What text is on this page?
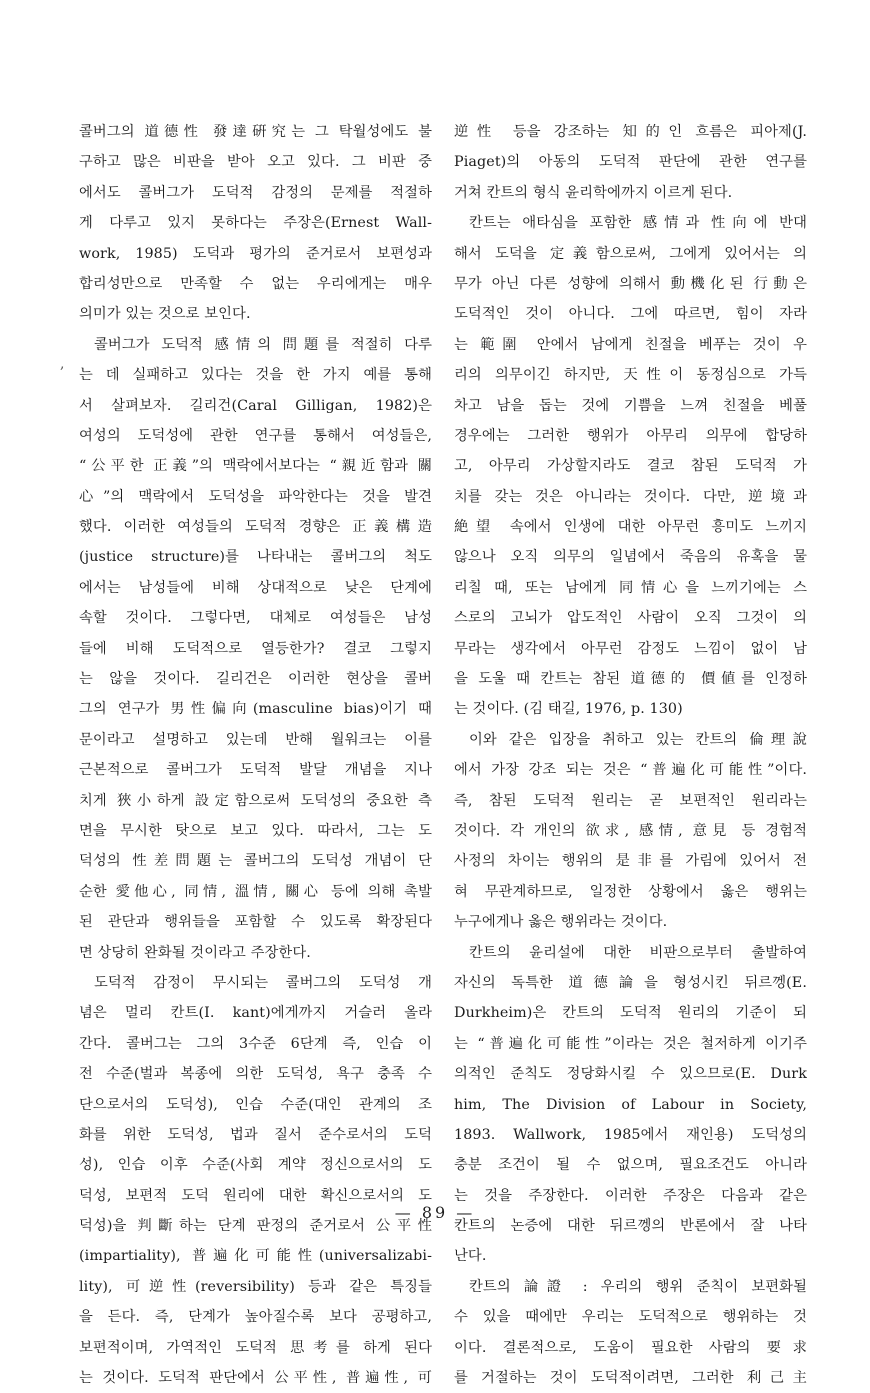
,
콜버그의 道德性 發達硏究는 그 탁월성에도 불
구하고 많은 비판을 받아 오고 있다. 그 비판 중
에서도 콜버그가 도덕적 감정의 문제를 적절하
게 다루고 있지 못하다는 주장은(Ernest Wall-
work, 1985) 도덕과 평가의 준거로서 보편성과
합리성만으로 만족할 수 없는 우리에게는 매우
의미가 있는 것으로 보인다.
콜버그가 도덕적 感情의 問題를 적절히 다루
는 데 실패하고 있다는 것을 한 가지 예를 통해
서 살펴보자. 길리건(Caral Gilligan, 1982)은
여성의 도덕성에 관한 연구를 통해서 여성들은,
“公平한 正義”의 맥락에서보다는 “親近함과 關
心”의 맥락에서 도덕성을 파악한다는 것을 발견
했다. 이러한 여성들의 도덕적 경향은 正義構造
(justice structure)를 나타내는 콜버그의 척도
에서는 남성들에 비해 상대적으로 낮은 단계에
속할 것이다. 그렇다면, 대체로 여성들은 남성
들에 비해 도덕적으로 열등한가? 결코 그렇지
는 않을 것이다. 길리건은 이러한 현상을 콜버
그의 연구가 男性偏向(masculine bias)이기 때
문이라고 설명하고 있는데 반해 월워크는 이를
근본적으로 콜버그가 도덕적 발달 개념을 지나
치게 狹小하게 設定함으로써 도덕성의 중요한 측
면을 무시한 탓으로 보고 있다. 따라서, 그는 도
덕성의 性差問題는 콜버그의 도덕성 개념이 단
순한 愛他心, 同情, 溫情, 關心 등에 의해 촉발
된 관단과 행위들을 포함할 수 있도록 확장된다
면 상당히 완화될 것이라고 주장한다.
도덕적 감정이 무시되는 콜버그의 도덕성 개
념은 멀리 칸트(I. kant)에게까지 거슬러 올라
간다. 콜버그는 그의 3수준 6단계 즉, 인습 이
전 수준(벌과 복종에 의한 도덕성, 욕구 충족 수
단으로서의 도덕성), 인습 수준(대인 관계의 조
화를 위한 도덕성, 법과 질서 준수로서의 도덕
성), 인습 이후 수준(사회 계약 정신으로서의 도
덕성, 보편적 도덕 원리에 대한 확신으로서의 도
덕성)을 判斷하는 단계 판정의 준거로서 公平性
(impartiality), 普遍化可能性(universalizabi-
lity), 可逆性(reversibility) 등과 같은 특징들
을 든다. 즉, 단계가 높아질수록 보다 공평하고,
보편적이며, 가역적인 도덕적 思考를 하게 된다
는 것이다. 도덕적 판단에서 公平性, 普遍性, 可
逆性 등을 강조하는 知的인 흐름은 피아제(J.
Piaget)의 아동의 도덕적 판단에 관한 연구를
거쳐 칸트의 형식 윤리학에까지 이르게 된다.
칸트는 애타심을 포함한 感情과 性向에 반대
해서 도덕을 定義함으로써, 그에게 있어서는 의
무가 아닌 다른 성향에 의해서 動機化된 行動은
도덕적인 것이 아니다. 그에 따르면, 힘이 자라
는 範圍 안에서 남에게 친절을 베푸는 것이 우
리의 의무이긴 하지만, 天性이 동정심으로 가득
차고 남을 돕는 것에 기쁨을 느껴 친절을 베풀
경우에는 그러한 행위가 아무리 의무에 합당하
고, 아무리 가상할지라도 결코 참된 도덕적 가
치를 갖는 것은 아니라는 것이다. 다만, 逆境과
絶望 속에서 인생에 대한 아무런 흥미도 느끼지
않으나 오직 의무의 일념에서 죽음의 유혹을 물
리칠 때, 또는 남에게 同情心을 느끼기에는 스
스로의 고뇌가 압도적인 사람이 오직 그것이 의
무라는 생각에서 아무런 감정도 느낌이 없이 남
을 도울 때 칸트는 참된 道德的 價値를 인정하
는 것이다. (김 태길, 1976, p. 130)
이와 같은 입장을 취하고 있는 칸트의 倫理說
에서 가장 강조 되는 것은 “普遍化可能性”이다.
즉, 참된 도덕적 원리는 곧 보편적인 원리라는
것이다. 각 개인의 欲求, 感情, 意見 등 경험적
사정의 차이는 행위의 是非를 가림에 있어서 전
혀 무관계하므로, 일정한 상황에서 옳은 행위는
누구에게나 옳은 행위라는 것이다.
칸트의 윤리설에 대한 비판으로부터 출발하여
자신의 독특한 道德論을 형성시킨 뒤르껭(E.
Durkheim)은 칸트의 도덕적 원리의 기준이 되
는 “普遍化可能性”이라는 것은 철저하게 이기주
의적인 준칙도 정당화시킬 수 있으므로(E. Durk
him, The Division of Labour in Society,
1893. Wallwork, 1985에서 재인용) 도덕성의
충분 조건이 될 수 없으며, 필요조건도 아니라
는 것을 주장한다. 이러한 주장은 다음과 같은
칸트의 논증에 대한 뒤르껭의 반론에서 잘 나타
난다.
칸트의 論證 : 우리의 행위 준칙이 보편화될
수 있을 때에만 우리는 도덕적으로 행위하는 것
이다. 결론적으로, 도움이 필요한 사람의 要求
를 거절하는 것이 도덕적이려면, 그러한 利己主
— 89 —
